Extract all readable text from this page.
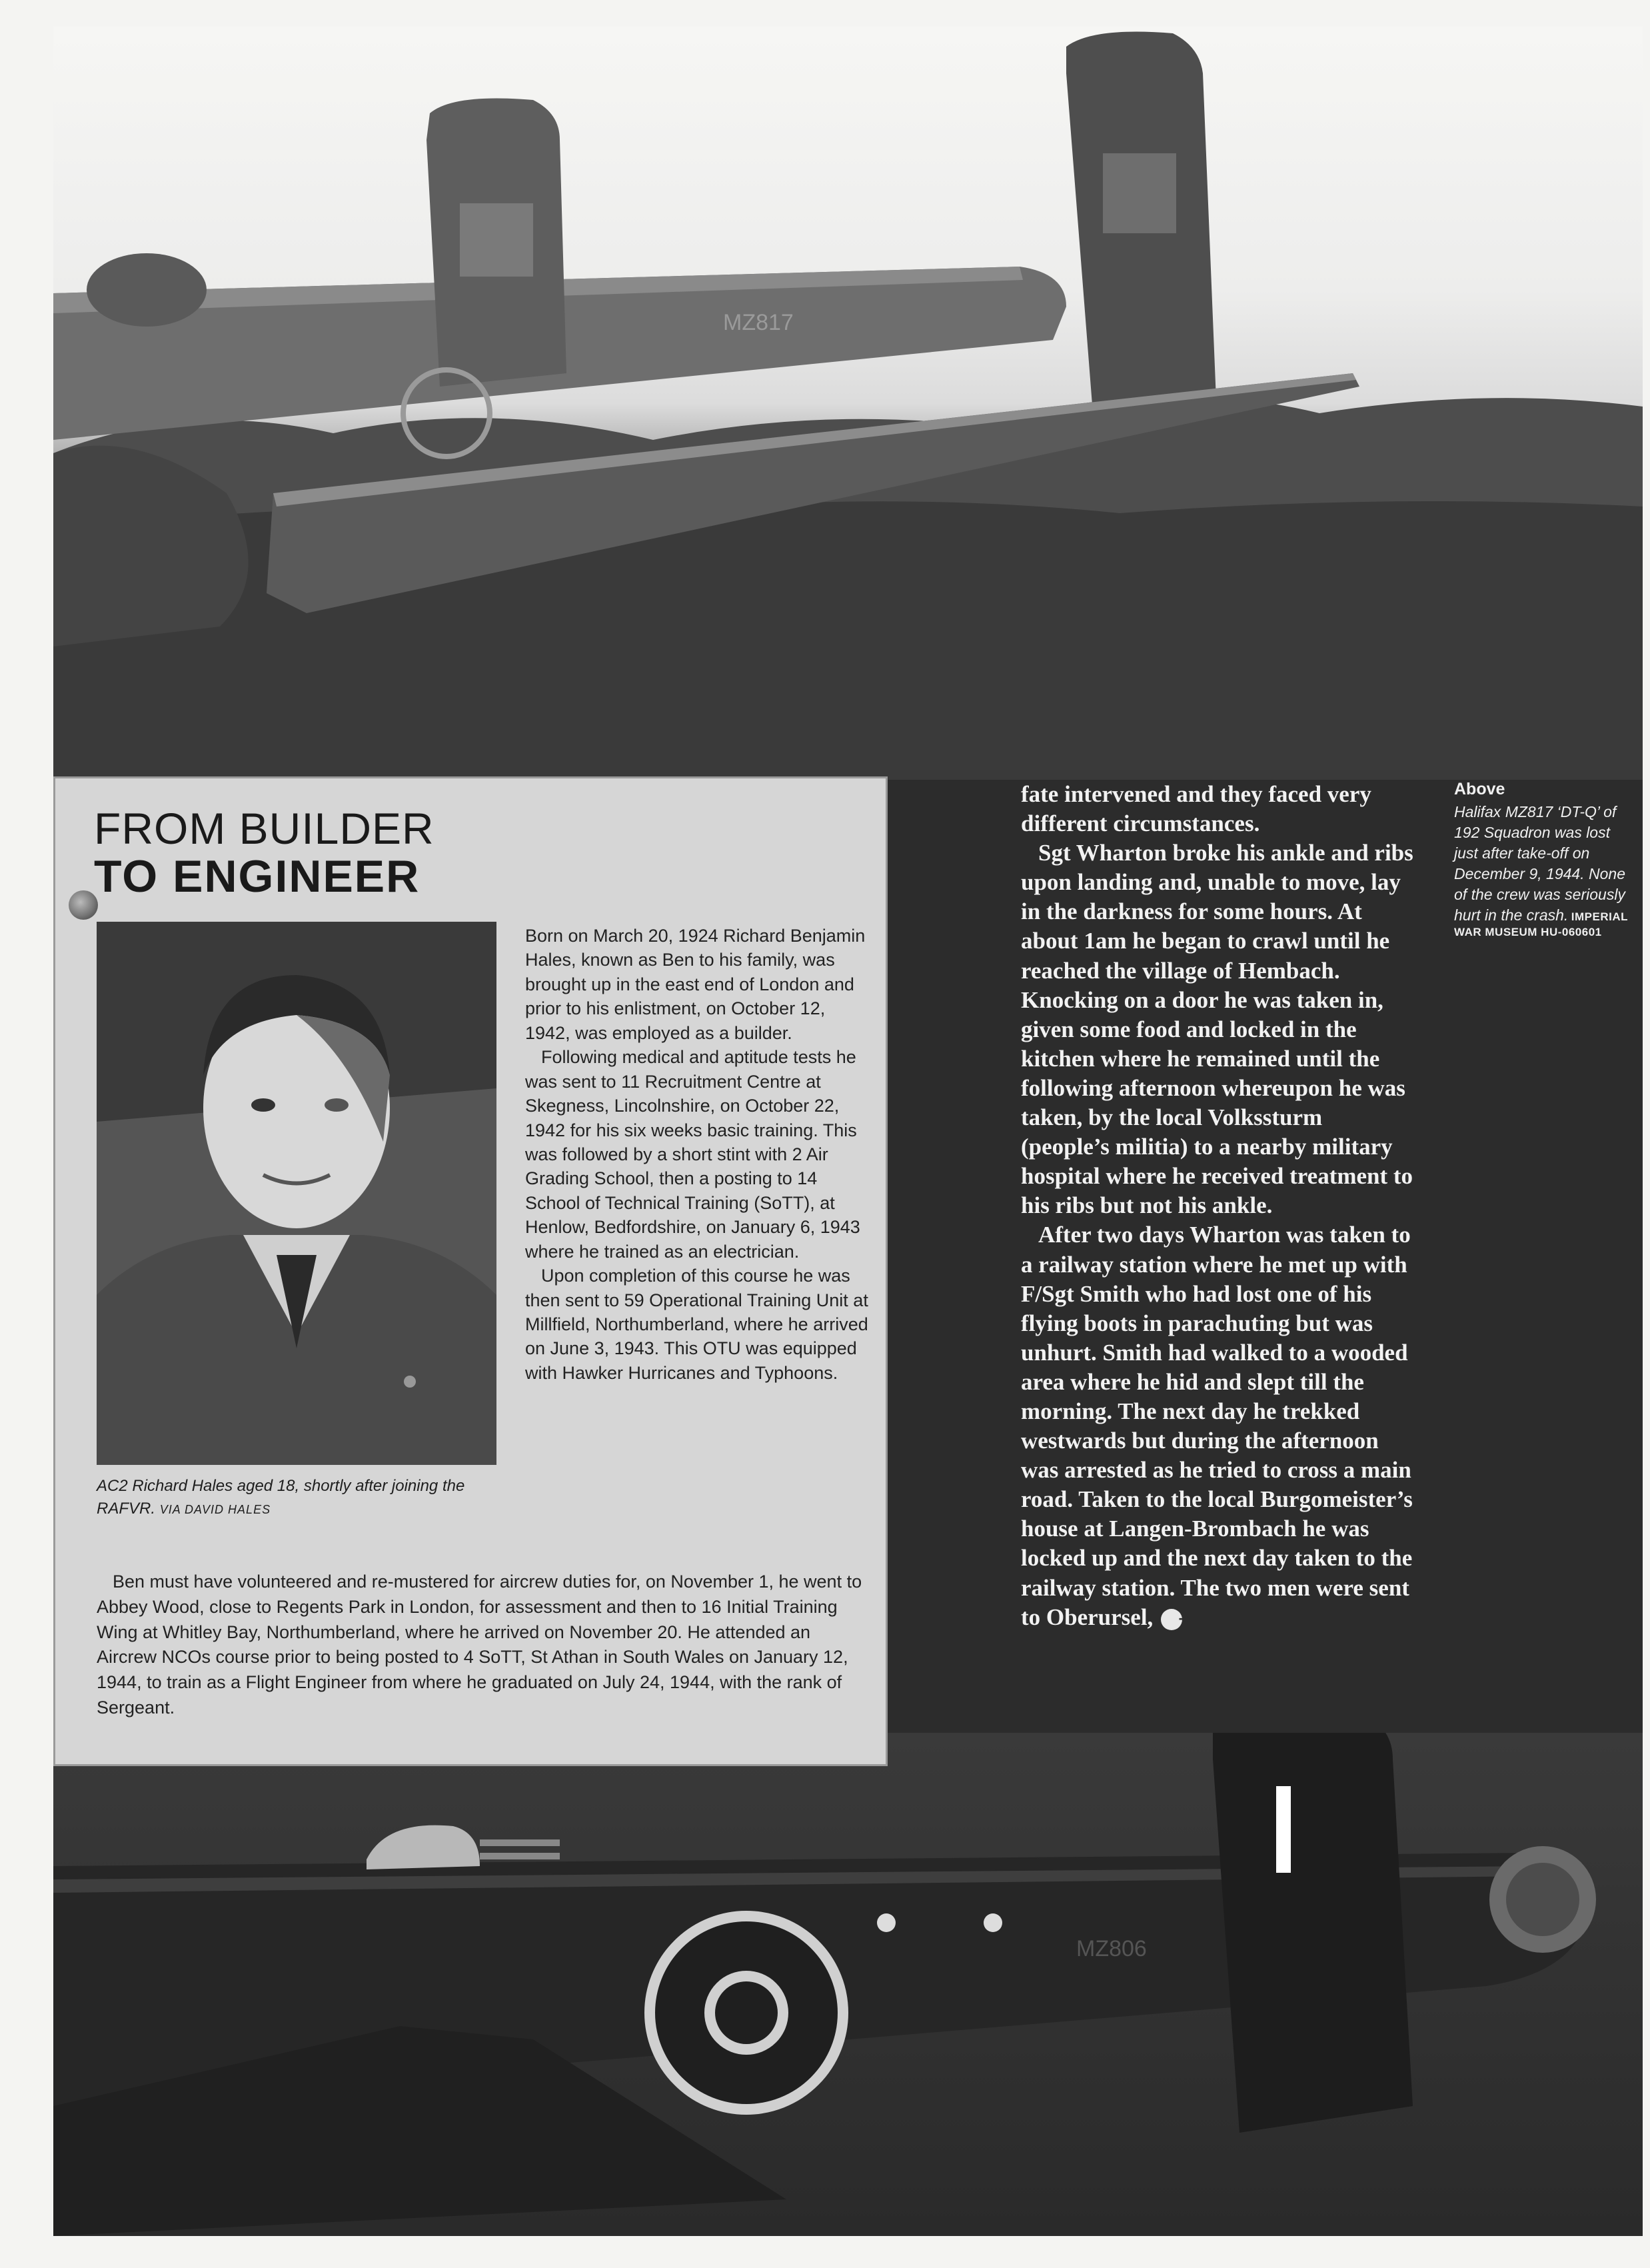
MZ817
MZ806
FROM BUILDER
TO ENGINEER

AC2 Richard Hales aged 18, shortly after joining the RAFVR. VIA DAVID HALES

Born on March 20, 1924 Richard Benjamin Hales, known as Ben to his family, was brought up in the east end of London and prior to his enlistment, on October 12, 1942, was employed as a builder.

Following medical and aptitude tests he was sent to 11 Recruitment Centre at Skegness, Lincolnshire, on October 22, 1942 for his six weeks basic training. This was followed by a short stint with 2 Air Grading School, then a posting to 14 School of Technical Training (SoTT), at Henlow, Bedfordshire, on January 6, 1943 where he trained as an electrician.

Upon completion of this course he was then sent to 59 Operational Training Unit at Millfield, Northumberland, where he arrived on June 3, 1943. This OTU was equipped with Hawker Hurricanes and Typhoons.

Ben must have volunteered and re-mustered for aircrew duties for, on November 1, he went to Abbey Wood, close to Regents Park in London, for assessment and then to 16 Initial Training Wing at Whitley Bay, Northumberland, where he arrived on November 20. He attended an Aircrew NCOs course prior to being posted to 4 SoTT, St Athan in South Wales on January 12, 1944, to train as a Flight Engineer from where he graduated on July 24, 1944, with the rank of Sergeant.

fate intervened and they faced very different circumstances.

Sgt Wharton broke his ankle and ribs upon landing and, unable to move, lay in the darkness for some hours. At about 1am he began to crawl until he reached the village of Hembach. Knocking on a door he was taken in, given some food and locked in the kitchen where he remained until the following afternoon whereupon he was taken, by the local Volkssturm (people’s militia) to a nearby military hospital where he received treatment to his ribs but not his ankle.

After two days Wharton was taken to a railway station where he met up with F/Sgt Smith who had lost one of his flying boots in parachuting but was unhurt. Smith had walked to a wooded area where he hid and slept till the morning. The next day he trekked westwards but during the afternoon was arrested as he tried to cross a main road. Taken to the local Burgomeister’s house at Langen-Brombach he was locked up and the next day taken to the railway station. The two men were sent to Oberursel, ➔

Above
Halifax MZ817 ‘DT-Q’ of 192 Squadron was lost just after take-off on December 9, 1944. None of the crew was seriously hurt in the crash. IMPERIAL WAR MUSEUM HU-060601
